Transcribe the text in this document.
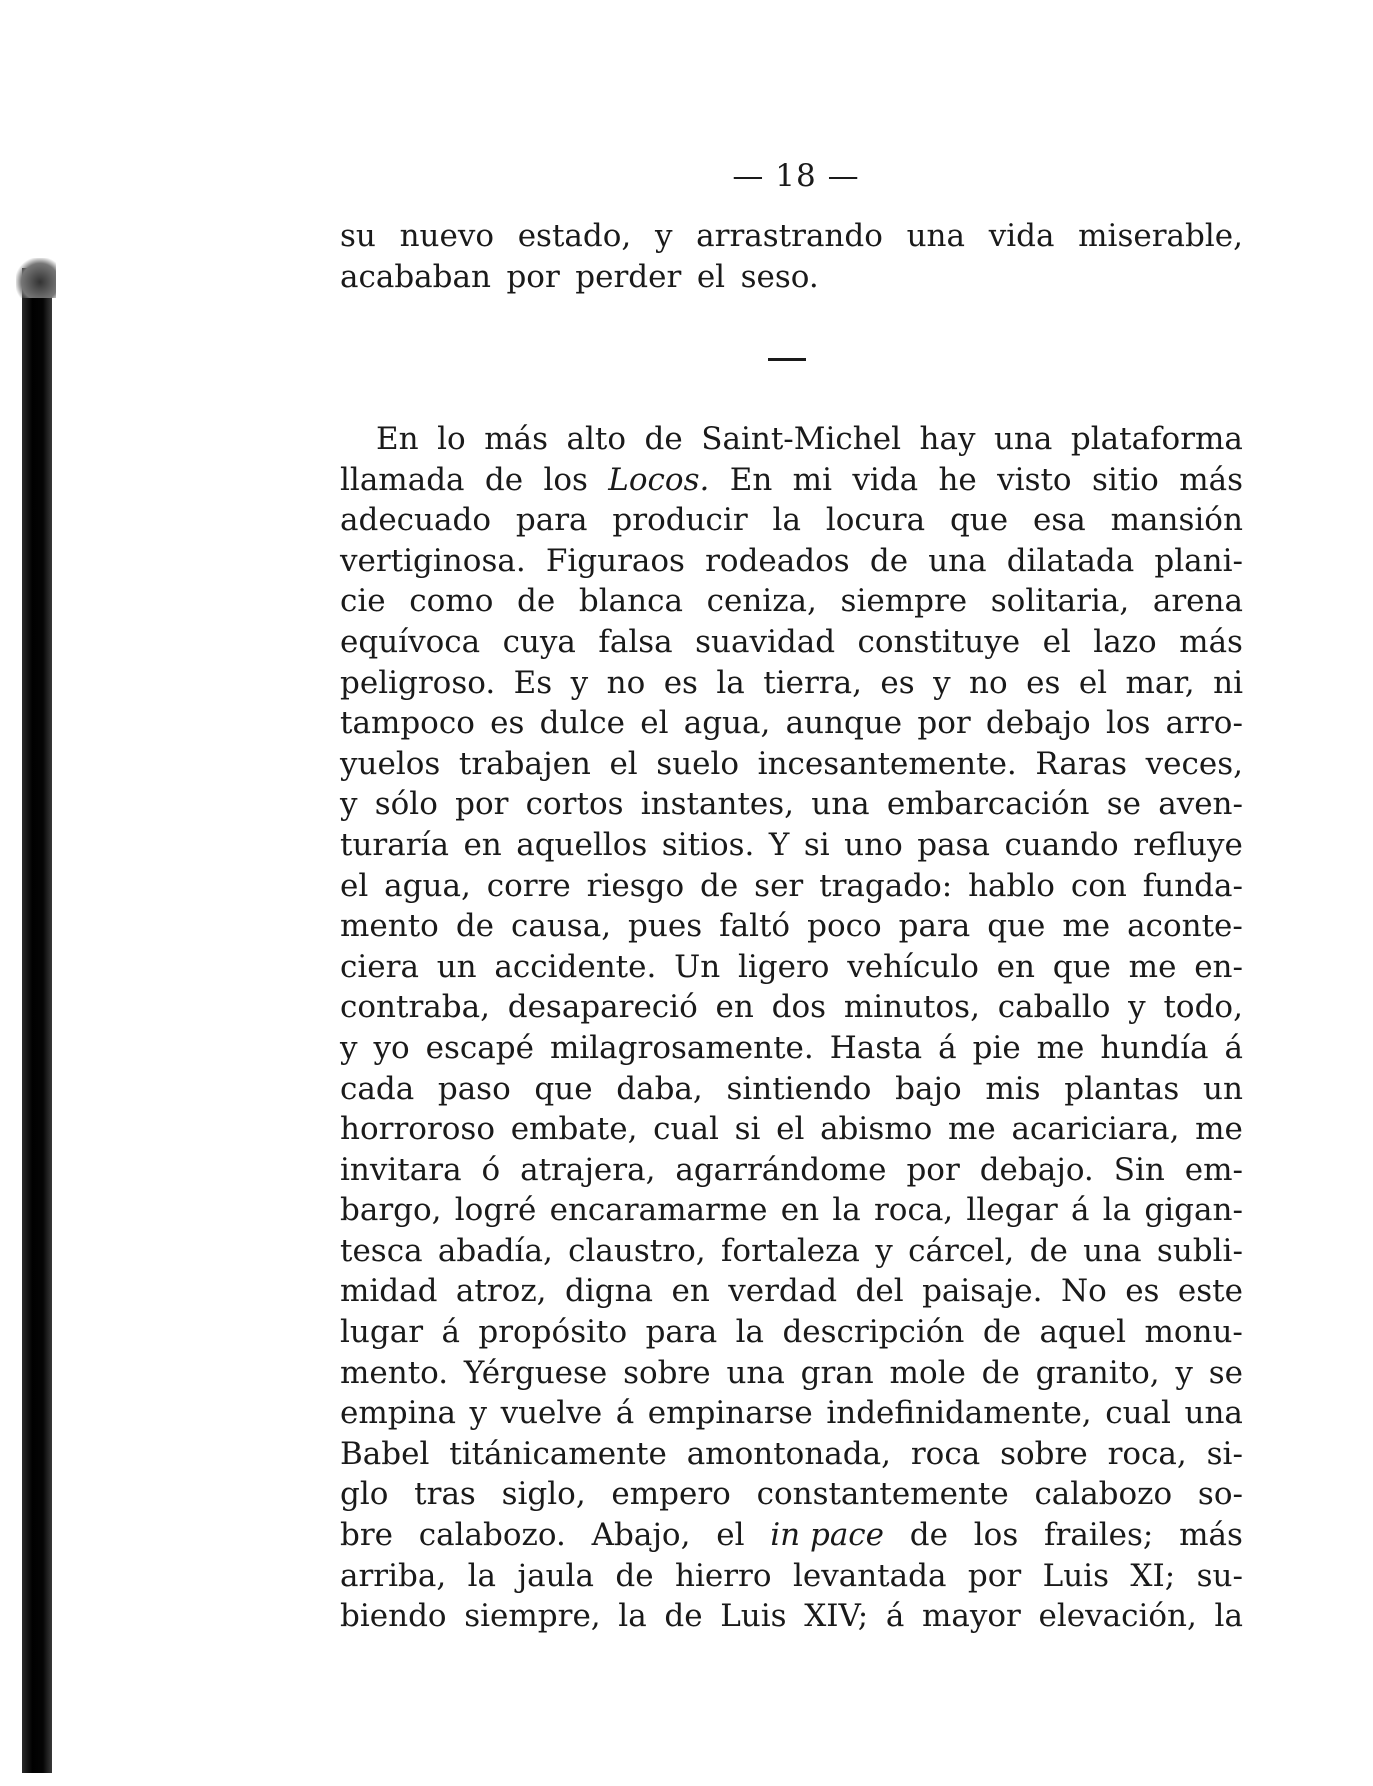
— 18 —
su nuevo estado, y arrastrando una vida miserable,
acababan por perder el seso.
En lo más alto de Saint-Michel hay una plataforma
llamada de los Locos. En mi vida he visto sitio más
adecuado para producir la locura que esa mansión
vertiginosa. Figuraos rodeados de una dilatada plani-
cie como de blanca ceniza, siempre solitaria, arena
equívoca cuya falsa suavidad constituye el lazo más
peligroso. Es y no es la tierra, es y no es el mar, ni
tampoco es dulce el agua, aunque por debajo los arro-
yuelos trabajen el suelo incesantemente. Raras veces,
y sólo por cortos instantes, una embarcación se aven-
turaría en aquellos sitios. Y si uno pasa cuando refluye
el agua, corre riesgo de ser tragado: hablo con funda-
mento de causa, pues faltó poco para que me aconte-
ciera un accidente. Un ligero vehículo en que me en-
contraba, desapareció en dos minutos, caballo y todo,
y yo escapé milagrosamente. Hasta á pie me hundía á
cada paso que daba, sintiendo bajo mis plantas un
horroroso embate, cual si el abismo me acariciara, me
invitara ó atrajera, agarrándome por debajo. Sin em-
bargo, logré encaramarme en la roca, llegar á la gigan-
tesca abadía, claustro, fortaleza y cárcel, de una subli-
midad atroz, digna en verdad del paisaje. No es este
lugar á propósito para la descripción de aquel monu-
mento. Yérguese sobre una gran mole de granito, y se
empina y vuelve á empinarse indefinidamente, cual una
Babel titánicamente amontonada, roca sobre roca, si-
glo tras siglo, empero constantemente calabozo so-
bre calabozo. Abajo, el in pace de los frailes; más
arriba, la jaula de hierro levantada por Luis XI; su-
biendo siempre, la de Luis XIV; á mayor elevación, la
